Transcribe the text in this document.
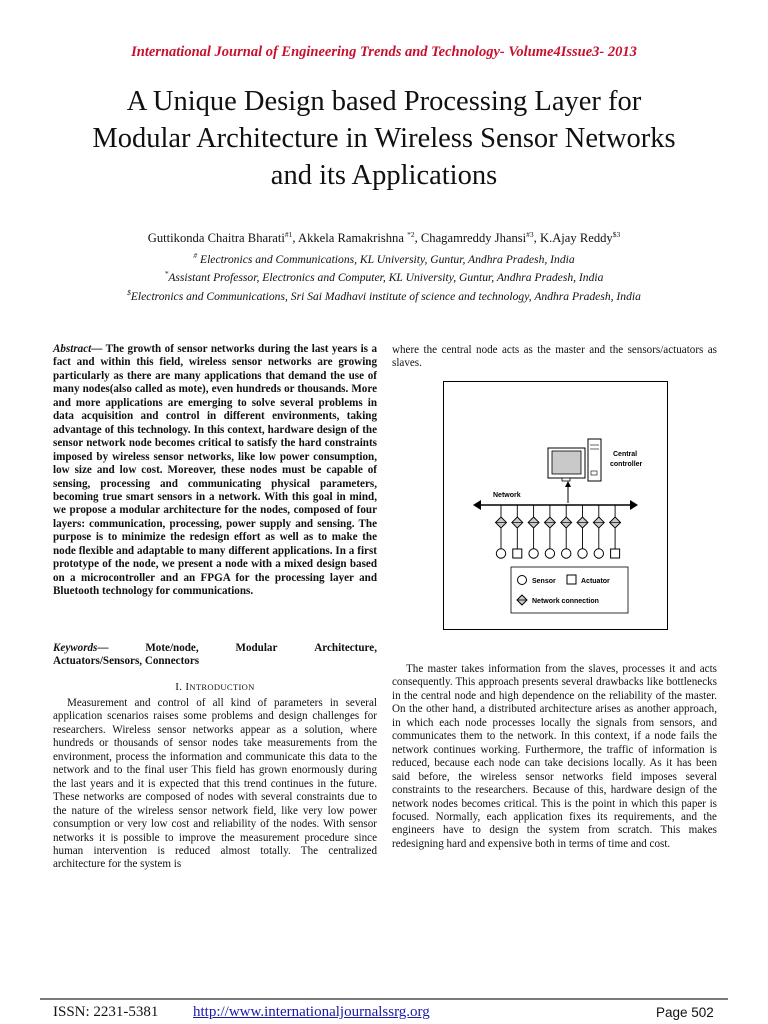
International Journal of Engineering Trends and Technology- Volume4Issue3- 2013
A Unique Design based Processing Layer for
Modular Architecture in Wireless Sensor Networks
and its Applications
Guttikonda Chaitra Bharati$^{\#1}$, Akkela Ramakrishna $^{*2}$, Chagamreddy Jhansi$^{\#3}$, K.Ajay Reddy$^{\$3}$
# Electronics and Communications, KL University, Guntur, Andhra Pradesh, India
*Assistant Professor, Electronics and Computer, KL University, Guntur, Andhra Pradesh, India
$Electronics and Communications, Sri Sai Madhavi institute of science and technology, Andhra Pradesh, India
Abstract— The growth of sensor networks during the last years is a fact and within this field, wireless sensor networks are growing particularly as there are many applications that demand the use of many nodes(also called as mote), even hundreds or thousands. More and more applications are emerging to solve several problems in data acquisition and control in different environments, taking advantage of this technology. In this context, hardware design of the sensor network node becomes critical to satisfy the hard constraints imposed by wireless sensor networks, like low power consumption, low size and low cost. Moreover, these nodes must be capable of sensing, processing and communicating physical parameters, becoming true smart sensors in a network. With this goal in mind, we propose a modular architecture for the nodes, composed of four layers: communication, processing, power supply and sensing. The purpose is to minimize the redesign effort as well as to make the node flexible and adaptable to many different applications. In a first prototype of the node, we present a node with a mixed design based on a microcontroller and an FPGA for the processing layer and Bluetooth technology for communications.
Keywords—	Mote/node,	Modular	Architecture,
Actuators/Sensors, Connectors
I. INTRODUCTION

Measurement and control of all kind of parameters in several application scenarios raises some problems and design challenges for researchers. Wireless sensor networks appear as a solution, where hundreds or thousands of sensor nodes take measurements from the environment, process the information and communicate this data to the network and to the final user This field has grown enormously during the last years and it is expected that this trend continues in the future. These networks are composed of nodes with several constraints due to the nature of the wireless sensor network field, like very low power consumption or very low cost and reliability of the nodes. With sensor networks it is possible to improve the measurement procedure since human intervention is reduced almost totally. The centralized architecture for the system is

where the central node acts as the master and the sensors/actuators as slaves.
Central
controller
Network
Sensor	Actuator
Network connection

The master takes information from the slaves, processes it and acts consequently. This approach presents several drawbacks like bottlenecks in the central node and high dependence on the reliability of the master. On the other hand, a distributed architecture arises as another approach, in which each node processes locally the signals from sensors, and communicates them to the network. In this context, if a node fails the network continues working. Furthermore, the traffic of information is reduced, because each node can take decisions locally. As it has been said before, the wireless sensor networks field imposes several constraints to the researchers. Because of this, hardware design of the network nodes becomes critical. This is the point in which this paper is focused. Normally, each application fixes its requirements, and the engineers have to design the system from scratch. This makes redesigning hard and expensive both in terms of time and cost.

ISSN: 2231-5381 http://www.internationaljournalssrg.org	Page 502
